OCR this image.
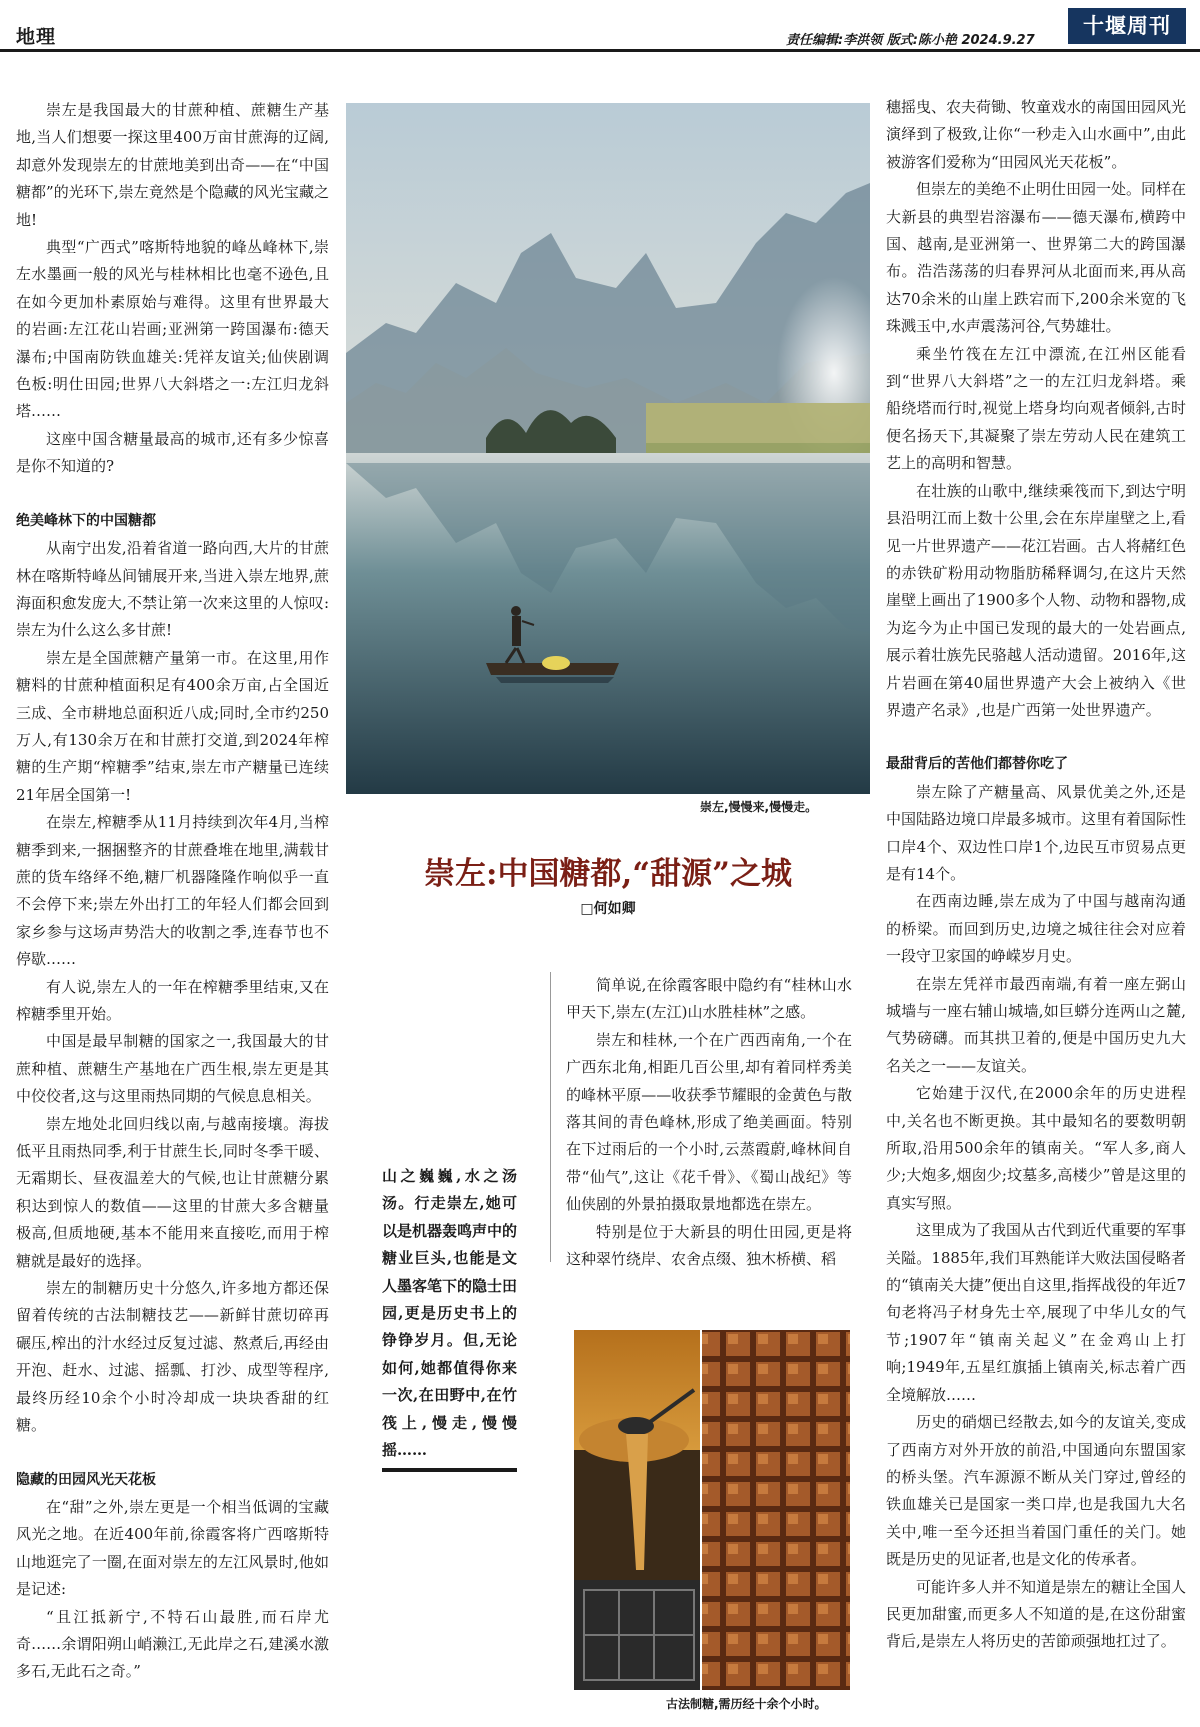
地理	责任编辑:李洪领 版式:陈小艳 2024.9.27
十堰周刊

崇左是我国最大的甘蔗种植、蔗糖生产基地,当人们想要一探这里400万亩甘蔗海的辽阔,却意外发现崇左的甘蔗地美到出奇——在“中国糖都”的光环下,崇左竟然是个隐藏的风光宝藏之地!

典型“广西式”喀斯特地貌的峰丛峰林下,崇左水墨画一般的风光与桂林相比也毫不逊色,且在如今更加朴素原始与难得。这里有世界最大的岩画:左江花山岩画;亚洲第一跨国瀑布:德天瀑布;中国南防铁血雄关:凭祥友谊关;仙侠剧调色板:明仕田园;世界八大斜塔之一:左江归龙斜塔……

这座中国含糖量最高的城市,还有多少惊喜是你不知道的?

绝美峰林下的中国糖都

从南宁出发,沿着省道一路向西,大片的甘蔗林在喀斯特峰丛间铺展开来,当进入崇左地界,蔗海面积愈发庞大,不禁让第一次来这里的人惊叹:崇左为什么这么多甘蔗!

崇左是全国蔗糖产量第一市。在这里,用作糖料的甘蔗种植面积足有400余万亩,占全国近三成、全市耕地总面积近八成;同时,全市约250万人,有130余万在和甘蔗打交道,到2024年榨糖的生产期“榨糖季”结束,崇左市产糖量已连续21年居全国第一!

在崇左,榨糖季从11月持续到次年4月,当榨糖季到来,一捆捆整齐的甘蔗叠堆在地里,满载甘蔗的货车络绎不绝,糖厂机器隆隆作响似乎一直不会停下来;崇左外出打工的年轻人们都会回到家乡参与这场声势浩大的收割之季,连春节也不停歇……

有人说,崇左人的一年在榨糖季里结束,又在榨糖季里开始。

中国是最早制糖的国家之一,我国最大的甘蔗种植、蔗糖生产基地在广西生根,崇左更是其中佼佼者,这与这里雨热同期的气候息息相关。

崇左地处北回归线以南,与越南接壤。海拔低平且雨热同季,利于甘蔗生长,同时冬季干暖、无霜期长、昼夜温差大的气候,也让甘蔗糖分累积达到惊人的数值——这里的甘蔗大多含糖量极高,但质地硬,基本不能用来直接吃,而用于榨糖就是最好的选择。

崇左的制糖历史十分悠久,许多地方都还保留着传统的古法制糖技艺——新鲜甘蔗切碎再碾压,榨出的汁水经过反复过滤、熬煮后,再经由开泡、赶水、过滤、摇瓢、打沙、成型等程序,最终历经10余个小时冷却成一块块香甜的红糖。

隐藏的田园风光天花板

在“甜”之外,崇左更是一个相当低调的宝藏风光之地。在近400年前,徐霞客将广西喀斯特山地逛完了一圈,在面对崇左的左江风景时,他如是记述:

“且江抵新宁,不特石山最胜,而石岸尤奇……余谓阳朔山峭濑江,无此岸之石,建溪水激多石,无此石之奇。”

崇左,慢慢来,慢慢走。
崇左:中国糖都,“甜源”之城
□何如卿
山之巍巍,水之汤汤。行走崇左,她可以是机器轰鸣声中的糖业巨头,也能是文人墨客笔下的隐士田园,更是历史书上的铮铮岁月。但,无论如何,她都值得你来一次,在田野中,在竹筏上,慢走,慢慢摇……

简单说,在徐霞客眼中隐约有“桂林山水甲天下,崇左(左江)山水胜桂林”之感。

崇左和桂林,一个在广西西南角,一个在广西东北角,相距几百公里,却有着同样秀美的峰林平原——收获季节耀眼的金黄色与散落其间的青色峰林,形成了绝美画面。特别在下过雨后的一个小时,云蒸霞蔚,峰林间自带“仙气”,这让《花千骨》、《蜀山战纪》等仙侠剧的外景拍摄取景地都选在崇左。

特别是位于大新县的明仕田园,更是将这种翠竹绕岸、农舍点缀、独木桥横、稻

古法制糖,需历经十余个小时。

穗摇曳、农夫荷锄、牧童戏水的南国田园风光演绎到了极致,让你“一秒走入山水画中”,由此被游客们爱称为“田园风光天花板”。

但崇左的美绝不止明仕田园一处。同样在大新县的典型岩溶瀑布——德天瀑布,横跨中国、越南,是亚洲第一、世界第二大的跨国瀑布。浩浩荡荡的归春界河从北面而来,再从高达70余米的山崖上跌宕而下,200余米宽的飞珠溅玉中,水声震荡河谷,气势雄壮。

乘坐竹筏在左江中漂流,在江州区能看到“世界八大斜塔”之一的左江归龙斜塔。乘船绕塔而行时,视觉上塔身均向观者倾斜,古时便名扬天下,其凝聚了崇左劳动人民在建筑工艺上的高明和智慧。

在壮族的山歌中,继续乘筏而下,到达宁明县沿明江而上数十公里,会在东岸崖壁之上,看见一片世界遗产——花江岩画。古人将赭红色的赤铁矿粉用动物脂肪稀释调匀,在这片天然崖壁上画出了1900多个人物、动物和器物,成为迄今为止中国已发现的最大的一处岩画点,展示着壮族先民骆越人活动遗留。2016年,这片岩画在第40届世界遗产大会上被纳入《世界遗产名录》,也是广西第一处世界遗产。

最甜背后的苦他们都替你吃了

崇左除了产糖量高、风景优美之外,还是中国陆路边境口岸最多城市。这里有着国际性口岸4个、双边性口岸1个,边民互市贸易点更是有14个。

在西南边睡,崇左成为了中国与越南沟通的桥梁。而回到历史,边境之城往往会对应着一段守卫家国的峥嵘岁月史。

在崇左凭祥市最西南端,有着一座左弼山城墙与一座右辅山城墙,如巨蟒分连两山之麓,气势磅礴。而其拱卫着的,便是中国历史九大名关之一——友谊关。

它始建于汉代,在2000余年的历史进程中,关名也不断更换。其中最知名的要数明朝所取,沿用500余年的镇南关。“军人多,商人少;大炮多,烟囱少;坟墓多,高楼少”曾是这里的真实写照。

这里成为了我国从古代到近代重要的军事关隘。1885年,我们耳熟能详大败法国侵略者的“镇南关大捷”便出自这里,指挥战役的年近7旬老将冯子材身先士卒,展现了中华儿女的气节;1907年“镇南关起义”在金鸡山上打响;1949年,五星红旗插上镇南关,标志着广西全境解放……

历史的硝烟已经散去,如今的友谊关,变成了西南方对外开放的前沿,中国通向东盟国家的桥头堡。汽车源源不断从关门穿过,曾经的铁血雄关已是国家一类口岸,也是我国九大名关中,唯一至今还担当着国门重任的关门。她既是历史的见证者,也是文化的传承者。

可能许多人并不知道是崇左的糖让全国人民更加甜蜜,而更多人不知道的是,在这份甜蜜背后,是崇左人将历史的苦節顽强地扛过了。
